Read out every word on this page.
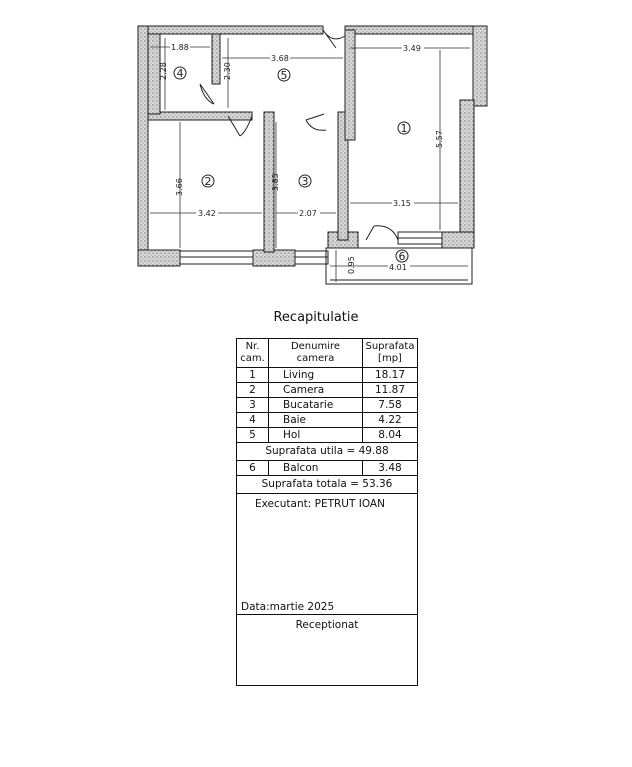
1.88
2.28
3.68
2.30
3.49
5.57
3.66
3.42
3.85
2.07
3.15
0.95	4.01
4	5
1
2	3
6
Recapitulatie
Nr. cam.	Denumire camera	Suprafata [mp]
1	Living	18.17
2	Camera	11.87
3	Bucatarie	7.58
4	Baie	4.22
5	Hol	8.04
Suprafata utila = 49.88		
6	Balcon	3.48
Suprafata totala = 53.36		

Executant: PETRUT IOAN
Data:martie 2025		

Receptionat		
